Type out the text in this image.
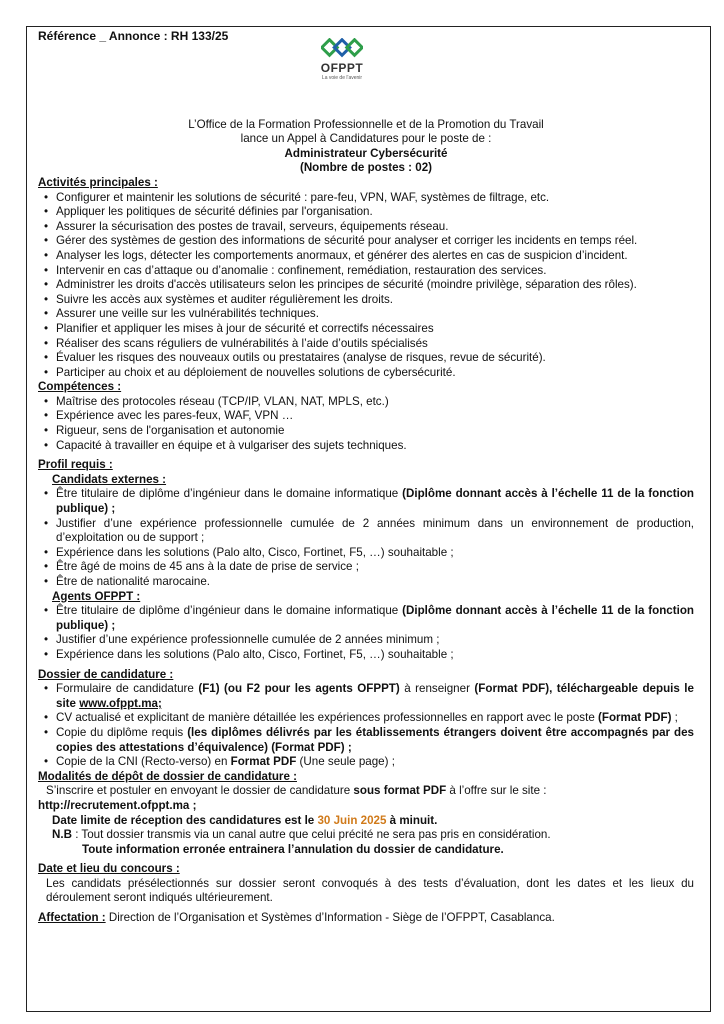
OFPPT
La voie de l'avenir
Référence _ Annonce : RH 133/25
L’Office de la Formation Professionnelle et de la Promotion du Travail
lance un Appel à Candidatures pour le poste de :
Administrateur Cybersécurité
(Nombre de postes : 02)
Activités principales :
• Configurer et maintenir les solutions de sécurité : pare-feu, VPN, WAF, systèmes de filtrage, etc.
• Appliquer les politiques de sécurité définies par l'organisation.
• Assurer la sécurisation des postes de travail, serveurs, équipements réseau.
• Gérer des systèmes de gestion des informations de sécurité pour analyser et corriger les incidents en temps réel.
• Analyser les logs, détecter les comportements anormaux, et générer des alertes en cas de suspicion d’incident.
• Intervenir en cas d’attaque ou d’anomalie : confinement, remédiation, restauration des services.
• Administrer les droits d'accès utilisateurs selon les principes de sécurité (moindre privilège, séparation des rôles).
• Suivre les accès aux systèmes et auditer régulièrement les droits.
• Assurer une veille sur les vulnérabilités techniques.
• Planifier et appliquer les mises à jour de sécurité et correctifs nécessaires
• Réaliser des scans réguliers de vulnérabilités à l’aide d’outils spécialisés
• Évaluer les risques des nouveaux outils ou prestataires (analyse de risques, revue de sécurité).
• Participer au choix et au déploiement de nouvelles solutions de cybersécurité.
Compétences :
• Maîtrise des protocoles réseau (TCP/IP, VLAN, NAT, MPLS, etc.)
• Expérience avec les pares-feux, WAF, VPN …
• Rigueur, sens de l'organisation et autonomie
• Capacité à travailler en équipe et à vulgariser des sujets techniques.
Profil requis :
Candidats externes :
• Être titulaire de diplôme d’ingénieur dans le domaine informatique (Diplôme donnant accès à l’échelle 11 de la fonction publique) ;
• Justifier d’une expérience professionnelle cumulée de 2 années minimum dans un environnement de production, d’exploitation ou de support ;
• Expérience dans les solutions (Palo alto, Cisco, Fortinet, F5, …) souhaitable ;
• Être âgé de moins de 45 ans à la date de prise de service ;
• Être de nationalité marocaine.
Agents OFPPT :
• Être titulaire de diplôme d’ingénieur dans le domaine informatique (Diplôme donnant accès à l’échelle 11 de la fonction publique) ;
• Justifier d’une expérience professionnelle cumulée de 2 années minimum ;
• Expérience dans les solutions (Palo alto, Cisco, Fortinet, F5, …) souhaitable ;
Dossier de candidature :
• Formulaire de candidature (F1) (ou F2 pour les agents OFPPT) à renseigner (Format PDF), téléchargeable depuis le site www.ofppt.ma;
• CV actualisé et explicitant de manière détaillée les expériences professionnelles en rapport avec le poste (Format PDF) ;
• Copie du diplôme requis (les diplômes délivrés par les établissements étrangers doivent être accompagnés par des copies des attestations d’équivalence) (Format PDF) ;
• Copie de la CNI (Recto-verso) en Format PDF (Une seule page) ;
Modalités de dépôt de dossier de candidature :
S’inscrire et postuler en envoyant le dossier de candidature sous format PDF à l’offre sur le site :
http://recrutement.ofppt.ma ;
Date limite de réception des candidatures est le 30 Juin 2025 à minuit.
N.B : Tout dossier transmis via un canal autre que celui précité ne sera pas pris en considération.
Toute information erronée entrainera l’annulation du dossier de candidature.
Date et lieu du concours :
Les candidats présélectionnés sur dossier seront convoqués à des tests d’évaluation, dont les dates et les lieux du déroulement seront indiqués ultérieurement.
Affectation : Direction de l’Organisation et Systèmes d’Information - Siège de l’OFPPT, Casablanca.
